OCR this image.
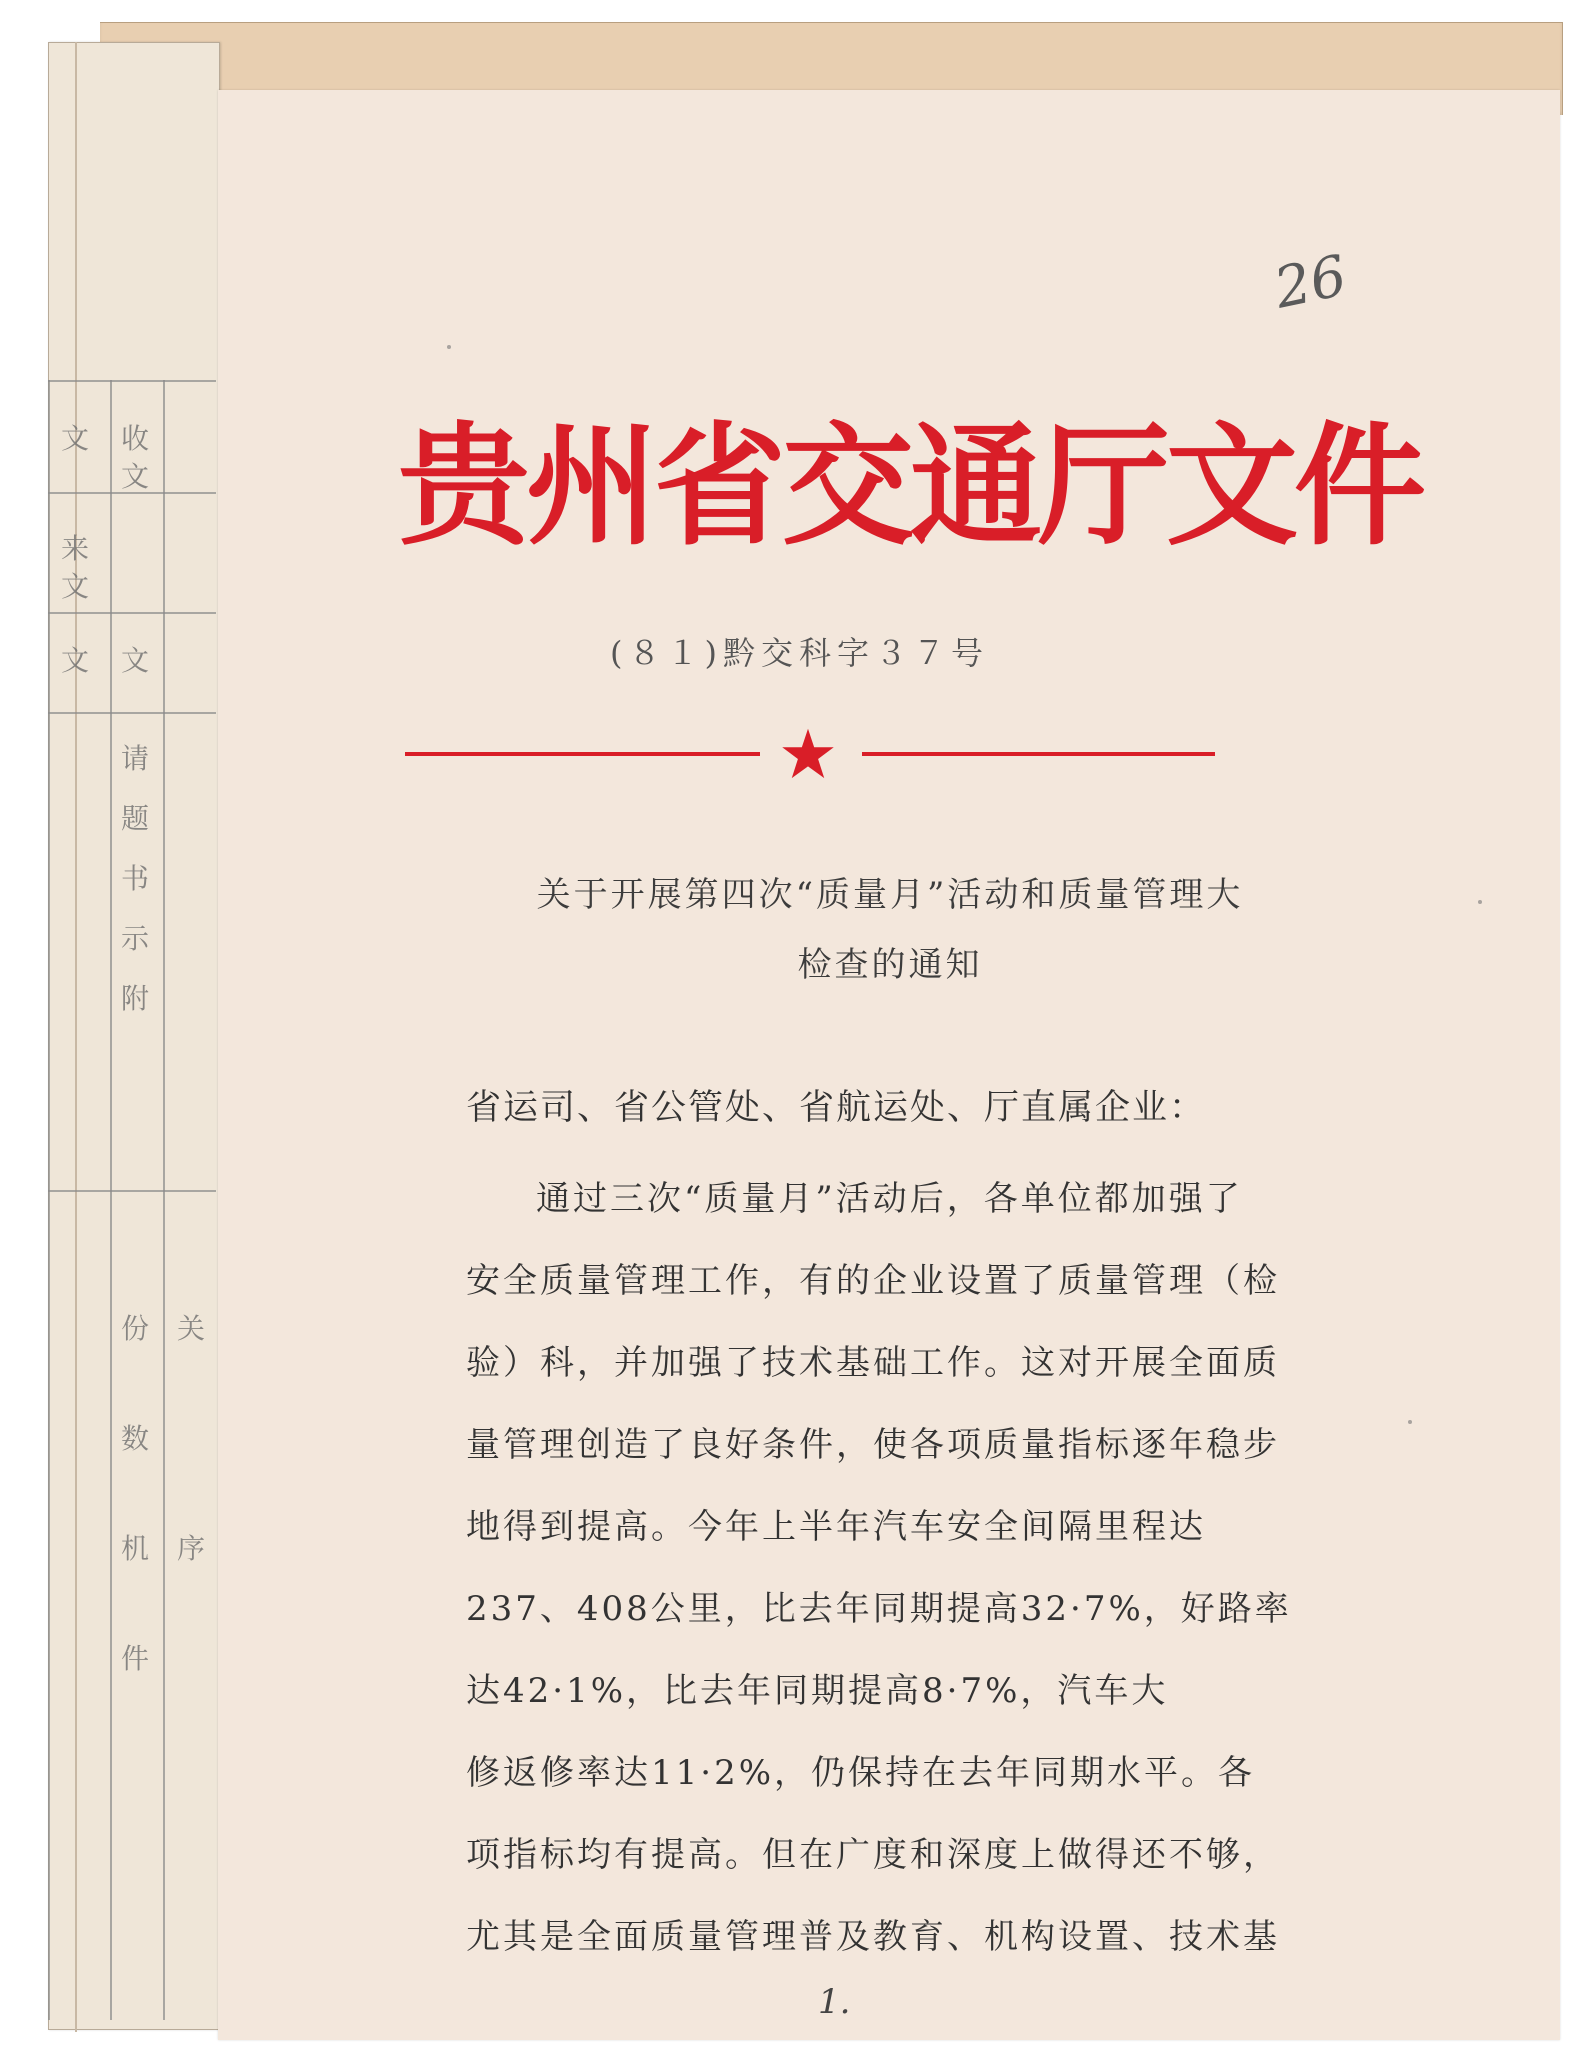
文
来文
文 文
收文
请
题
书
示
附
份
数
机
件
关
序
26
贵州省交通厅文件
(８１)黔交科字３７号
关于开展第四次“质量月”活动和质量管理大
检查的通知
省运司、省公管处、省航运处、厅直属企业：

通过三次“质量月”活动后，各单位都加强了

安全质量管理工作，有的企业设置了质量管理（检

验）科，并加强了技术基础工作。这对开展全面质

量管理创造了良好条件，使各项质量指标逐年稳步

地得到提高。今年上半年汽车安全间隔里程达

237、408公里，比去年同期提高32·7%，好路率

达42·1%，比去年同期提高8·7%，汽车大

修返修率达11·2%，仍保持在去年同期水平。各

项指标均有提高。但在广度和深度上做得还不够，

尤其是全面质量管理普及教育、机构设置、技术基

1.
